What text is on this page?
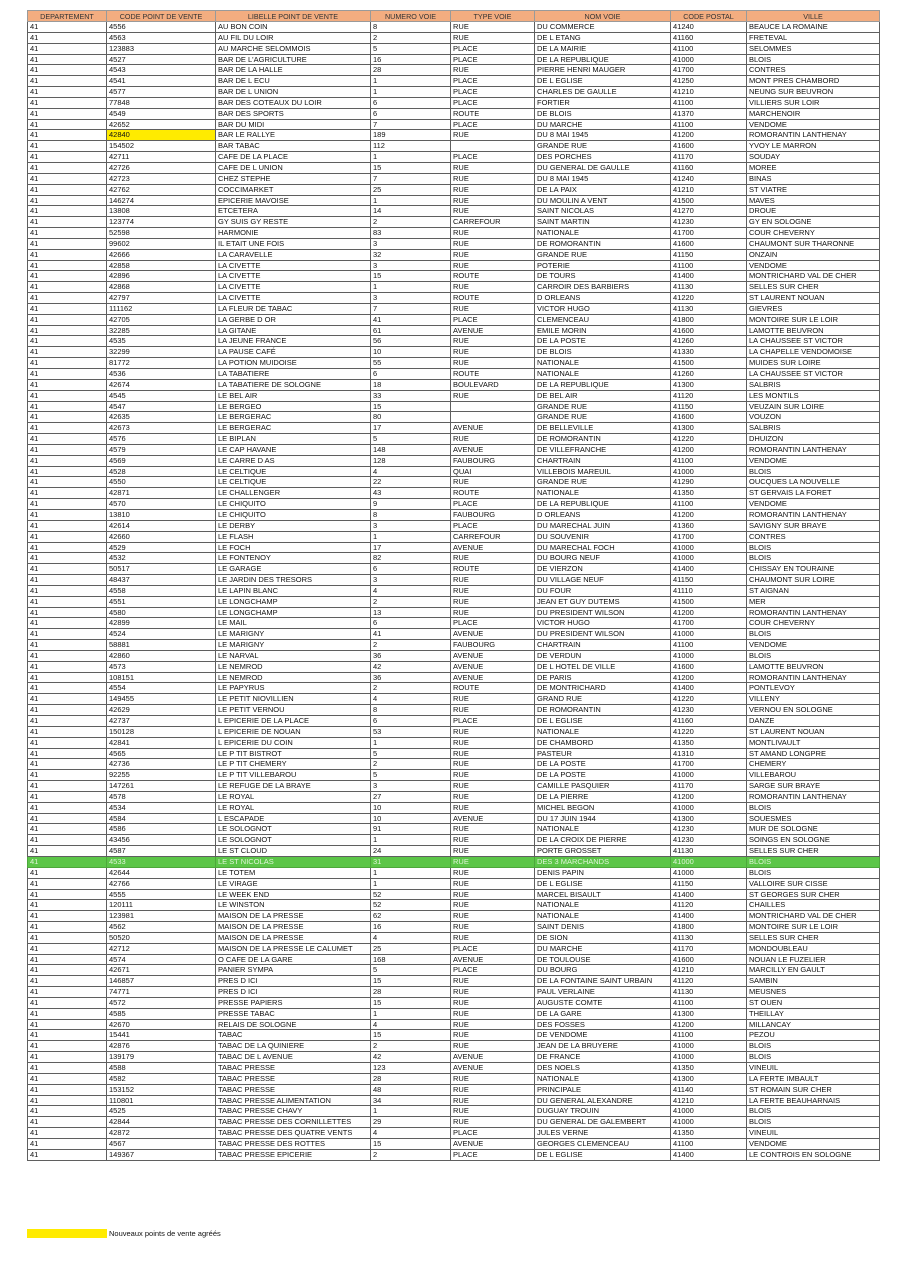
DEPARTEMENT	CODE POINT DE VENTE	LIBELLE POINT DE VENTE	NUMERO VOIE	TYPE VOIE	NOM VOIE	CODE POSTAL	VILLE
41	4556	AU BON COIN	8	RUE	DU COMMERCE	41240	BEAUCE LA ROMAINE
41	4563	AU FIL DU LOIR	2	RUE	DE L ETANG	41160	FRETEVAL
41	123883	AU MARCHE SELOMMOIS	5	PLACE	DE LA MAIRIE	41100	SELOMMES
41	4527	BAR DE L'AGRICULTURE	16	PLACE	DE LA REPUBLIQUE	41000	BLOIS
41	4543	BAR DE LA HALLE	28	RUE	PIERRE HENRI MAUGER	41700	CONTRES
41	4541	BAR DE L ECU	1	PLACE	DE L EGLISE	41250	MONT PRES CHAMBORD
41	4577	BAR DE L UNION	1	PLACE	CHARLES DE GAULLE	41210	NEUNG SUR BEUVRON
41	77848	BAR DES COTEAUX DU LOIR	6	PLACE	FORTIER	41100	VILLIERS SUR LOIR
41	4549	BAR DES SPORTS	6	ROUTE	DE BLOIS	41370	MARCHENOIR
41	42652	BAR DU MIDI	7	PLACE	DU MARCHE	41100	VENDOME
41	42840	BAR LE RALLYE	189	RUE	DU 8 MAI 1945	41200	ROMORANTIN LANTHENAY
41	154502	BAR TABAC	112		GRANDE RUE	41600	YVOY LE MARRON
41	42711	CAFE DE LA PLACE	1	PLACE	DES PORCHES	41170	SOUDAY
41	42726	CAFE DE L UNION	15	RUE	DU GENERAL DE GAULLE	41160	MOREE
41	42723	CHEZ STEPHE	7	RUE	DU 8 MAI 1945	41240	BINAS
41	42762	COCCIMARKET	25	RUE	DE LA PAIX	41210	ST VIATRE
41	146274	EPICERIE MAVOISE	1	RUE	DU MOULIN A VENT	41500	MAVES
41	13808	ETCETERA	14	RUE	SAINT NICOLAS	41270	DROUE
41	123774	GY SUIS GY RESTE	2	CARREFOUR	SAINT MARTIN	41230	GY EN SOLOGNE
41	52598	HARMONIE	83	RUE	NATIONALE	41700	COUR CHEVERNY
41	99602	IL ETAIT UNE FOIS	3	RUE	DE ROMORANTIN	41600	CHAUMONT SUR THARONNE
41	42666	LA CARAVELLE	32	RUE	GRANDE RUE	41150	ONZAIN
41	42858	LA CIVETTE	3	RUE	POTERIE	41100	VENDOME
41	42896	LA CIVETTE	15	ROUTE	DE TOURS	41400	MONTRICHARD VAL DE CHER
41	42868	LA CIVETTE	1	RUE	CARROIR DES BARBIERS	41130	SELLES SUR CHER
41	42797	LA CIVETTE	3	ROUTE	D ORLEANS	41220	ST LAURENT NOUAN
41	111162	LA FLEUR DE TABAC	7	RUE	VICTOR HUGO	41130	GIEVRES
41	42705	LA GERBE D OR	41	PLACE	CLEMENCEAU	41800	MONTOIRE SUR LE LOIR
41	32285	LA GITANE	61	AVENUE	EMILE MORIN	41600	LAMOTTE BEUVRON
41	4535	LA JEUNE FRANCE	56	RUE	DE LA POSTE	41260	LA CHAUSSEE ST VICTOR
41	32299	LA PAUSE CAFÉ	10	RUE	DE BLOIS	41330	LA CHAPELLE VENDOMOISE
41	81772	LA POTION MUIDOISE	55	RUE	NATIONALE	41500	MUIDES SUR LOIRE
41	4536	LA TABATIERE	6	ROUTE	NATIONALE	41260	LA CHAUSSEE ST VICTOR
41	42674	LA TABATIERE DE SOLOGNE	18	BOULEVARD	DE LA REPUBLIQUE	41300	SALBRIS
41	4545	LE BEL AIR	33	RUE	DE BEL AIR	41120	LES MONTILS
41	4547	LE BERGEO	15		GRANDE RUE	41150	VEUZAIN SUR LOIRE
41	42635	LE BERGERAC	80		GRANDE RUE	41600	VOUZON
41	42673	LE BERGERAC	17	AVENUE	DE BELLEVILLE	41300	SALBRIS
41	4576	LE BIPLAN	5	RUE	DE ROMORANTIN	41220	DHUIZON
41	4579	LE CAP HAVANE	148	AVENUE	DE VILLEFRANCHE	41200	ROMORANTIN LANTHENAY
41	4569	LE CARRE D AS	128	FAUBOURG	CHARTRAIN	41100	VENDOME
41	4528	LE CELTIQUE	4	QUAI	VILLEBOIS MAREUIL	41000	BLOIS
41	4550	LE CELTIQUE	22	RUE	GRANDE RUE	41290	OUCQUES LA NOUVELLE
41	42871	LE CHALLENGER	43	ROUTE	NATIONALE	41350	ST GERVAIS LA FORET
41	4570	LE CHIQUITO	9	PLACE	DE LA REPUBLIQUE	41100	VENDOME
41	13810	LE CHIQUITO	8	FAUBOURG	D ORLEANS	41200	ROMORANTIN LANTHENAY
41	42614	LE DERBY	3	PLACE	DU MARECHAL JUIN	41360	SAVIGNY SUR BRAYE
41	42660	LE FLASH	1	CARREFOUR	DU SOUVENIR	41700	CONTRES
41	4529	LE FOCH	17	AVENUE	DU MARECHAL FOCH	41000	BLOIS
41	4532	LE FONTENOY	82	RUE	DU BOURG NEUF	41000	BLOIS
41	50517	LE GARAGE	6	ROUTE	DE VIERZON	41400	CHISSAY EN TOURAINE
41	48437	LE JARDIN DES TRESORS	3	RUE	DU VILLAGE NEUF	41150	CHAUMONT SUR LOIRE
41	4558	LE LAPIN BLANC	4	RUE	DU FOUR	41110	ST AIGNAN
41	4551	LE LONGCHAMP	2	RUE	JEAN ET GUY DUTEMS	41500	MER
41	4580	LE LONGCHAMP	13	RUE	DU PRESIDENT WILSON	41200	ROMORANTIN LANTHENAY
41	42899	LE MAIL	6	PLACE	VICTOR HUGO	41700	COUR CHEVERNY
41	4524	LE MARIGNY	41	AVENUE	DU PRESIDENT WILSON	41000	BLOIS
41	58881	LE MARIGNY	2	FAUBOURG	CHARTRAIN	41100	VENDOME
41	42860	LE NARVAL	36	AVENUE	DE VERDUN	41000	BLOIS
41	4573	LE NEMROD	42	AVENUE	DE L HOTEL DE VILLE	41600	LAMOTTE BEUVRON
41	108151	LE NEMROD	36	AVENUE	DE PARIS	41200	ROMORANTIN LANTHENAY
41	4554	LE PAPYRUS	2	ROUTE	DE MONTRICHARD	41400	PONTLEVOY
41	149455	LE PETIT NIOVILLIEN	4	RUE	GRAND RUE	41220	VILLENY
41	42629	LE PETIT VERNOU	8	RUE	DE ROMORANTIN	41230	VERNOU EN SOLOGNE
41	42737	L EPICERIE DE LA PLACE	6	PLACE	DE L EGLISE	41160	DANZE
41	150128	L EPICERIE DE NOUAN	53	RUE	NATIONALE	41220	ST LAURENT NOUAN
41	42841	L EPICERIE DU COIN	1	RUE	DE CHAMBORD	41350	MONTLIVAULT
41	4565	LE P TIT BISTROT	5	RUE	PASTEUR	41310	ST AMAND LONGPRE
41	42736	LE P TIT CHEMERY	2	RUE	DE LA POSTE	41700	CHEMERY
41	92255	LE P TIT VILLEBAROU	5	RUE	DE LA POSTE	41000	VILLEBAROU
41	147261	LE REFUGE DE LA BRAYE	3	RUE	CAMILLE PASQUIER	41170	SARGE SUR BRAYE
41	4578	LE ROYAL	27	RUE	DE LA PIERRE	41200	ROMORANTIN LANTHENAY
41	4534	LE ROYAL	10	RUE	MICHEL BEGON	41000	BLOIS
41	4584	L ESCAPADE	10	AVENUE	DU 17 JUIN 1944	41300	SOUESMES
41	4586	LE SOLOGNOT	91	RUE	NATIONALE	41230	MUR DE SOLOGNE
41	43456	LE SOLOGNOT	1	RUE	DE LA CROIX DE PIERRE	41230	SOINGS EN SOLOGNE
41	4587	LE ST CLOUD	24	RUE	PORTE GROSSET	41130	SELLES SUR CHER
41	4533	LE ST NICOLAS	31	RUE	DES 3 MARCHANDS	41000	BLOIS
41	42644	LE TOTEM	1	RUE	DENIS PAPIN	41000	BLOIS
41	42766	LE VIRAGE	1	RUE	DE L EGLISE	41150	VALLOIRE SUR CISSE
41	4555	LE WEEK END	52	RUE	MARCEL BISAULT	41400	ST GEORGES SUR CHER
41	120111	LE WINSTON	52	RUE	NATIONALE	41120	CHAILLES
41	123981	MAISON DE LA PRESSE	62	RUE	NATIONALE	41400	MONTRICHARD VAL DE CHER
41	4562	MAISON DE LA PRESSE	16	RUE	SAINT DENIS	41800	MONTOIRE SUR LE LOIR
41	50520	MAISON DE LA PRESSE	4	RUE	DE SION	41130	SELLES SUR CHER
41	42712	MAISON DE LA PRESSE LE CALUMET	25	PLACE	DU MARCHE	41170	MONDOUBLEAU
41	4574	O CAFE DE LA GARE	168	AVENUE	DE TOULOUSE	41600	NOUAN LE FUZELIER
41	42671	PANIER SYMPA	5	PLACE	DU BOURG	41210	MARCILLY EN GAULT
41	146857	PRES D ICI	15	RUE	DE LA FONTAINE SAINT URBAIN	41120	SAMBIN
41	74771	PRES D ICI	28	RUE	PAUL VERLAINE	41130	MEUSNES
41	4572	PRESSE PAPIERS	15	RUE	AUGUSTE COMTE	41100	ST OUEN
41	4585	PRESSE TABAC	1	RUE	DE LA GARE	41300	THEILLAY
41	42670	RELAIS DE SOLOGNE	4	RUE	DES FOSSES	41200	MILLANCAY
41	15441	TABAC	15	RUE	DE VENDOME	41100	PEZOU
41	42876	TABAC DE LA QUINIERE	2	RUE	JEAN DE LA BRUYERE	41000	BLOIS
41	139179	TABAC DE L AVENUE	42	AVENUE	DE FRANCE	41000	BLOIS
41	4588	TABAC PRESSE	123	AVENUE	DES NOELS	41350	VINEUIL
41	4582	TABAC PRESSE	28	RUE	NATIONALE	41300	LA FERTE IMBAULT
41	153152	TABAC PRESSE	48	RUE	PRINCIPALE	41140	ST ROMAIN SUR CHER
41	110801	TABAC PRESSE ALIMENTATION	34	RUE	DU GENERAL ALEXANDRE	41210	LA FERTE BEAUHARNAIS
41	4525	TABAC PRESSE CHAVY	1	RUE	DUGUAY TROUIN	41000	BLOIS
41	42844	TABAC PRESSE DES CORNILLETTES	29	RUE	DU GENERAL DE GALEMBERT	41000	BLOIS
41	42872	TABAC PRESSE DES QUATRE VENTS	4	PLACE	JULES VERNE	41350	VINEUIL
41	4567	TABAC PRESSE DES ROTTES	15	AVENUE	GEORGES CLEMENCEAU	41100	VENDOME
41	149367	TABAC PRESSE EPICERIE	2	PLACE	DE L EGLISE	41400	LE CONTROIS EN SOLOGNE
Nouveaux points de vente agréés
